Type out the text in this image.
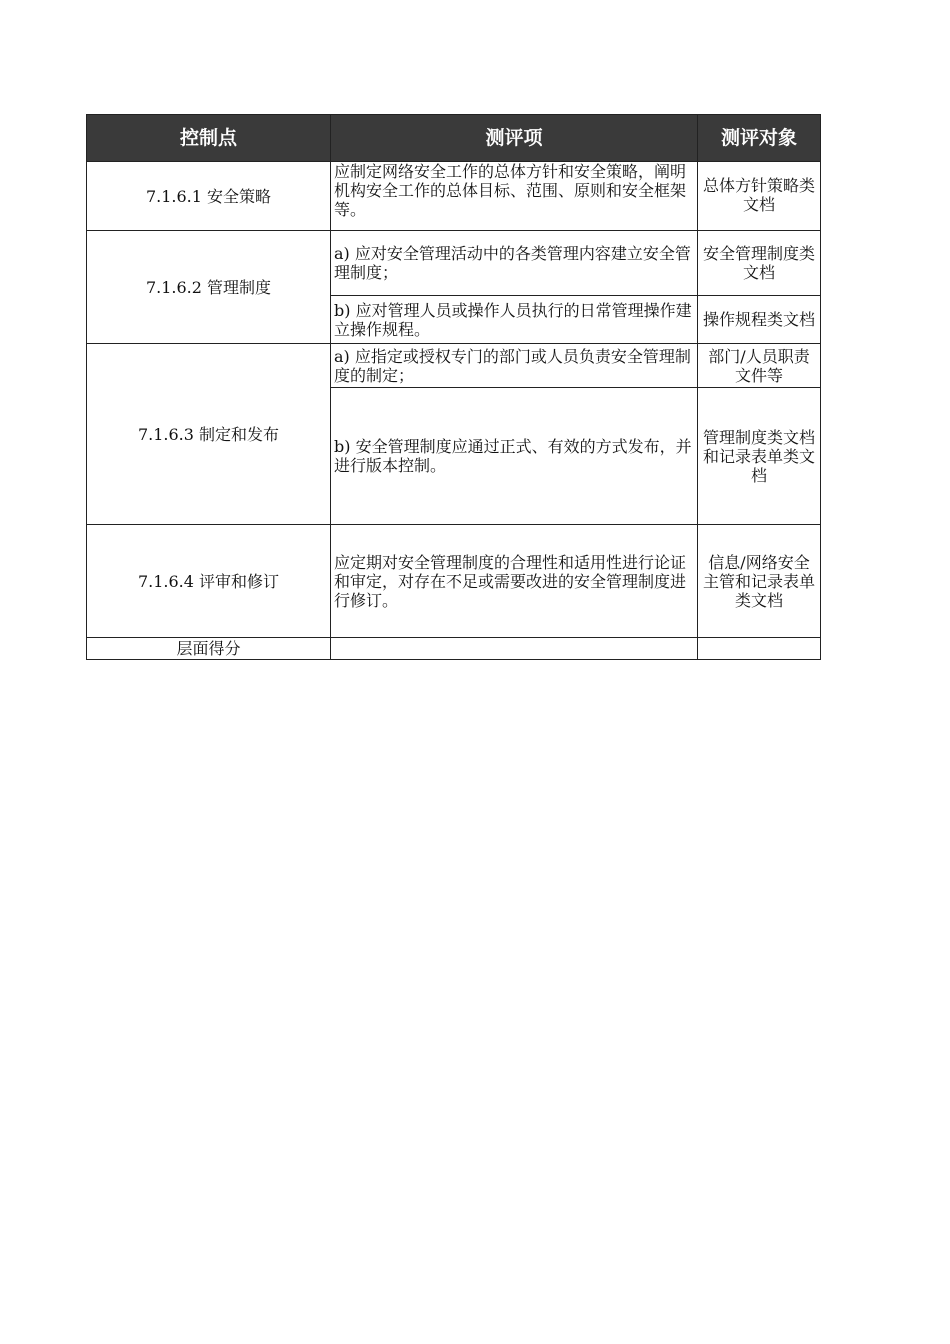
控制点	测评项	测评对象
7.1.6.1 安全策略	应制定网络安全工作的总体方针和安全策略，阐明机构安全工作的总体目标、范围、原则和安全框架等。	总体方针策略类文档
7.1.6.2 管理制度	a) 应对安全管理活动中的各类管理内容建立安全管理制度；	安全管理制度类文档
	b) 应对管理人员或操作人员执行的日常管理操作建立操作规程。	操作规程类文档
7.1.6.3 制定和发布	a) 应指定或授权专门的部门或人员负责安全管理制度的制定；	部门/人员职责文件等
	b) 安全管理制度应通过正式、有效的方式发布，并进行版本控制。	管理制度类文档和记录表单类文档
7.1.6.4 评审和修订	应定期对安全管理制度的合理性和适用性进行论证和审定，对存在不足或需要改进的安全管理制度进行修订。	信息/网络安全主管和记录表单类文档
层面得分		
